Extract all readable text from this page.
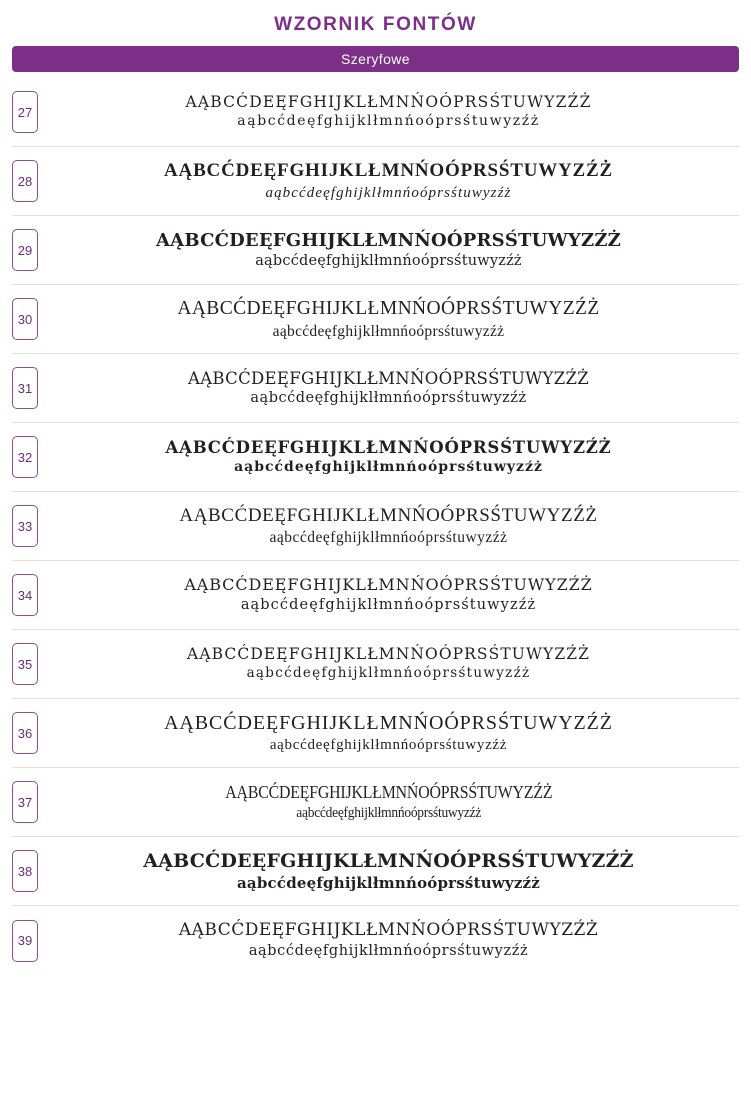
WZORNIK FONTÓW
Szeryfowe
27
AĄBCĆDEĘFGHIJKLŁMNŃOÓPRSŚTUWYZŹŻ
aąbcćdeęfghijklłmnńoóprsśtuwyzźż
28	AĄBCĆDEĘFGHIJKLŁMNŃOÓPRSŚTUWYZŹŻ
aąbcćdeęfghijklłmnńoóprsśtuwyzźż
29	AĄBCĆDEĘFGHIJKLŁMNŃOÓPRSŚTUWYZŹŻ
aąbcćdeęfghijklłmnńoóprsśtuwyzźż
30
AĄBCĆDEĘFGHIJKLŁMNŃOÓPRSŚTUWYZŹŻ
aąbcćdeęfghijklłmnńoóprsśtuwyzźż
31	AĄBCĆDEĘFGHIJKLŁMNŃOÓPRSŚTUWYZŹŻ
aąbcćdeęfghijklłmnńoóprsśtuwyzźż
32	AĄBCĆDEĘFGHIJKLŁMNŃOÓPRSŚTUWYZŹŻ
aąbcćdeęfghijklłmnńoóprsśtuwyzźż
33
AĄBCĆDEĘFGHIJKLŁMNŃOÓPRSŚTUWYZŹŻ
aąbcćdeęfghijklłmnńoóprsśtuwyzźż
34
AĄBCĆDEĘFGHIJKLŁMNŃOÓPRSŚTUWYZŹŻ
aąbcćdeęfghijklłmnńoóprsśtuwyzźż
35
AĄBCĆDEĘFGHIJKLŁMNŃOÓPRSŚTUWYZŹŻ
aąbcćdeęfghijklłmnńoóprsśtuwyzźż
36	AĄBCĆDEĘFGHIJKLŁMNŃOÓPRSŚTUWYZŹŻ
aąbcćdeęfghijklłmnńoóprsśtuwyzźż
37
AĄBCĆDEĘFGHIJKLŁMNŃOÓPRSŚTUWYZŹŻ
aąbcćdeęfghijklłmnńoóprsśtuwyzźż
38	AĄBCĆDEĘFGHIJKLŁMNŃOÓPRSŚTUWYZŹŻ
aąbcćdeęfghijklłmnńoóprsśtuwyzźż
39
AĄBCĆDEĘFGHIJKLŁMNŃOÓPRSŚTUWYZŹŻ
aąbcćdeęfghijklłmnńoóprsśtuwyzźż
